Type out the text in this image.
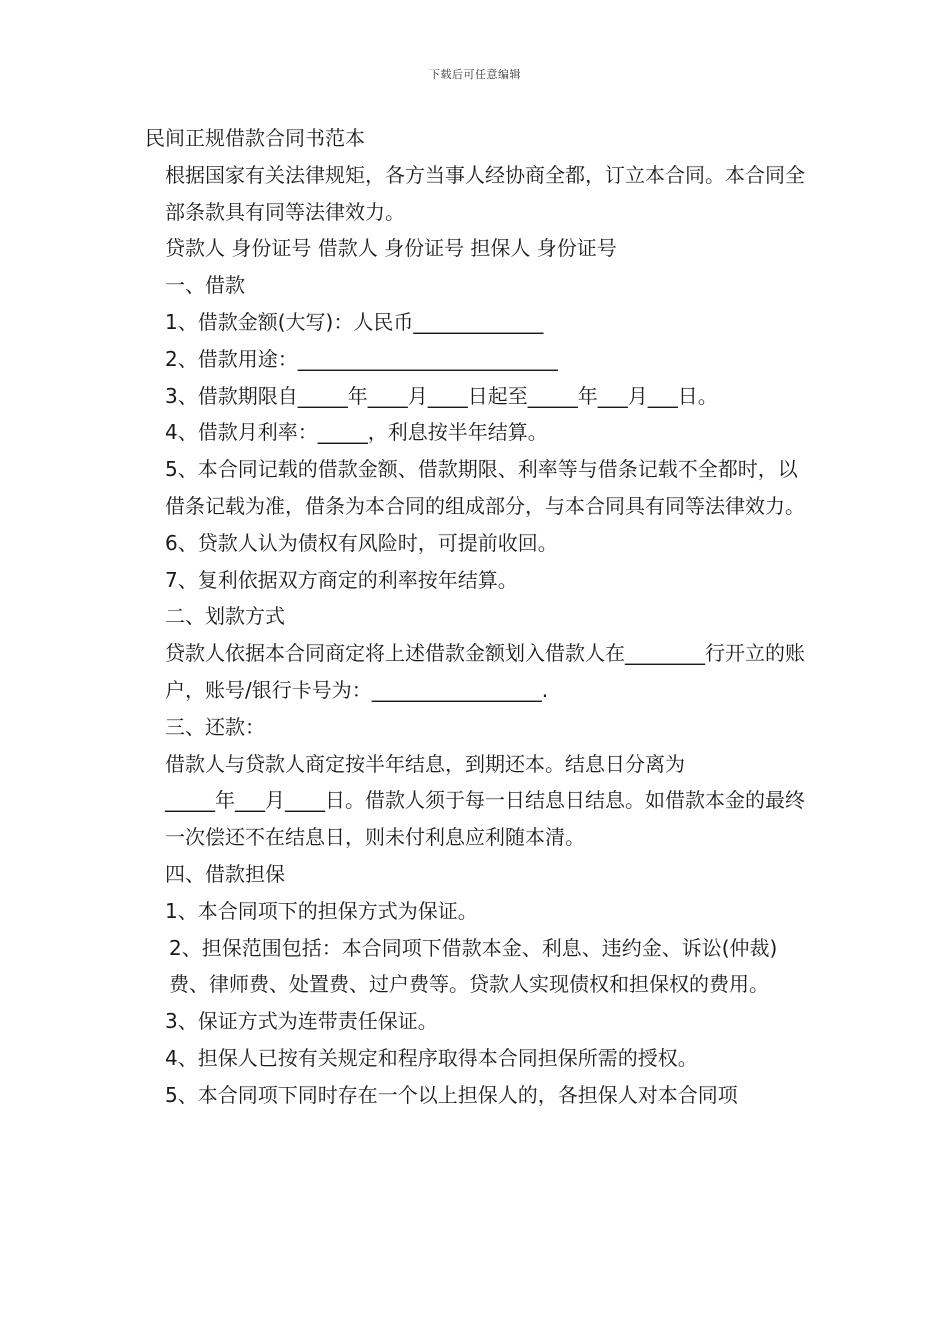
下载后可任意编辑

民间正规借款合同书范本

根据国家有关法律规矩，各方当事人经协商全都，订立本合同。本合同全部条款具有同等法律效力。

贷款人 身份证号 借款人 身份证号 担保人 身份证号

一、借款

1、借款金额(大写)：人民币_____________

2、借款用途：__________________________

3、借款期限自_____年____月____日起至_____年___月___日。

4、借款月利率：_____，利息按半年结算。

5、本合同记载的借款金额、借款期限、利率等与借条记载不全都时，以借条记载为准，借条为本合同的组成部分，与本合同具有同等法律效力。

6、贷款人认为债权有风险时，可提前收回。

7、复利依据双方商定的利率按年结算。

二、划款方式

贷款人依据本合同商定将上述借款金额划入借款人在________行开立的账户，账号/银行卡号为：_________________.

三、还款：

借款人与贷款人商定按半年结息，到期还本。结息日分离为

_____年___月____日。借款人须于每一日结息日结息。如借款本金的最终一次偿还不在结息日，则未付利息应利随本清。

四、借款担保

1、本合同项下的担保方式为保证。

2、担保范围包括：本合同项下借款本金、利息、违约金、诉讼(仲裁)费、律师费、处置费、过户费等。贷款人实现债权和担保权的费用。

3、保证方式为连带责任保证。

4、担保人已按有关规定和程序取得本合同担保所需的授权。

5、本合同项下同时存在一个以上担保人的，各担保人对本合同项
